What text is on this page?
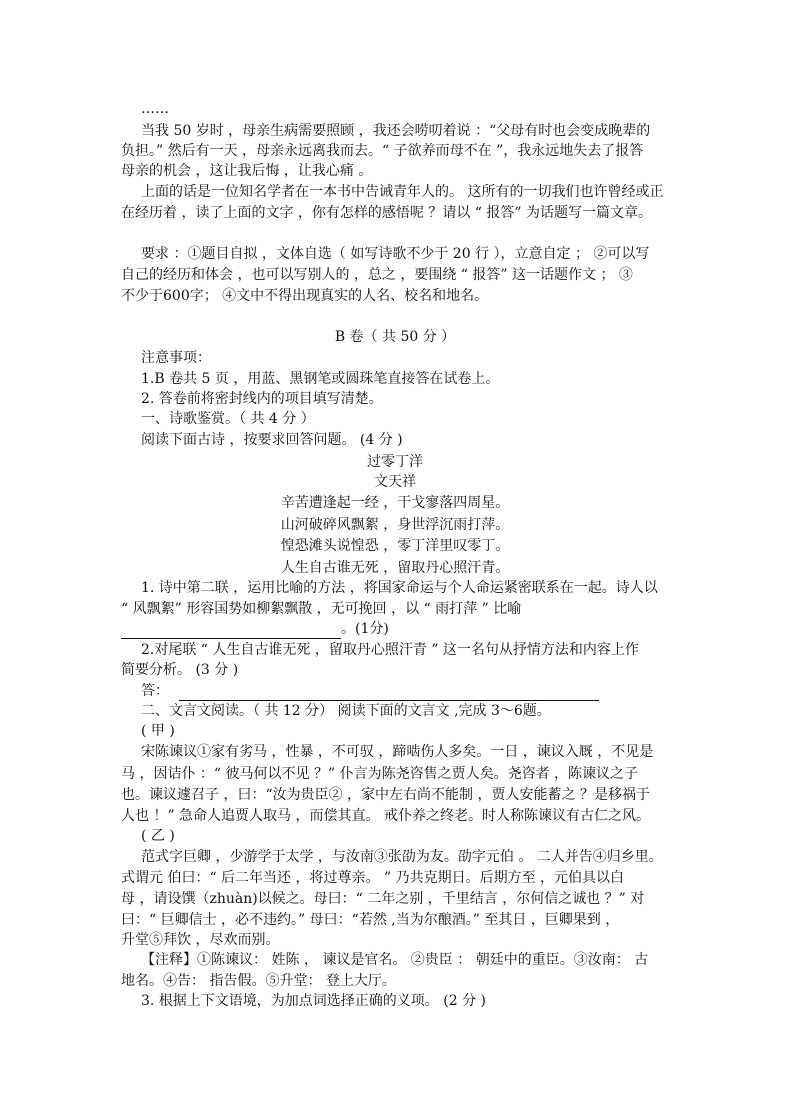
……
当我 50 岁时 ，母亲生病需要照顾 ，我还会唠叨着说 ：“父母有时也会变成晚辈的
负担。” 然后有一天 ，母亲永远离我而去。“ 子欲养而母不在 ”，我永远地失去了报答
母亲的机会 ，这让我后悔 ，让我心痛 。
上面的话是一位知名学者在一本书中告诫青年人的。 这所有的一切我们也许曾经或正
在经历着 ，读了上面的文字 ，你有怎样的感悟呢 ？请以 “ 报答” 为话题写一篇文章。
要求 ：①题目自拟 ，文体自选（ 如写诗歌不少于 20 行 ），立意自定 ； ②可以写
自己的经历和体会 ，也可以写别人的 ，总之 ，要围绕 “ 报答” 这一话题作文 ； ③
不少于600字； ④文中不得出现真实的人名、校名和地名。
B 卷（ 共 50 分 ）
注意事项：
1.B 卷共 5 页 ，用蓝、黑钢笔或圆珠笔直接答在试卷上。
2. 答卷前将密封线内的项目填写清楚。
一、诗歌鉴赏。（ 共 4 分 ）
阅读下面古诗 ，按要求回答问题。 (4 分 )
过零丁洋
文天祥
辛苦遭逢起一经 ，干戈寥落四周星。
山河破碎风飘絮 ，身世浮沉雨打萍。
惶恐滩头说惶恐 ，零丁洋里叹零丁。
人生自古谁无死 ，留取丹心照汗青。
1. 诗中第二联 ，运用比喻的方法 ，将国家命运与个人命运紧密联系在一起。诗人以
“ 风飘絮” 形容国势如柳絮飘散 ，无可挽回 ，以 “ 雨打萍 ” 比喻
。(1分)
2.对尾联 “ 人生自古谁无死 ，留取丹心照汗青 ” 这一名句从抒情方法和内容上作
简要分析。 (3 分 )
答：
二、文言文阅读。（ 共 12 分） 阅读下面的文言文 ,完成 3～6题。
( 甲 )
宋陈谏议①家有劣马 ，性暴 ，不可驭 ，蹄啮伤人多矣。一日 ，谏议入厩 ，不见是
马 ，因诘仆 ：“ 彼马何以不见 ？” 仆言为陈尧咨售之贾人矣。尧咨者 ，陈谏议之子
也。谏议遽召子 ，曰：“汝为贵臣② ，家中左右尚不能制 ，贾人安能蓄之 ？是移祸于
人也 ！” 急命人追贾人取马 ，而偿其直。 戒仆养之终老。时人称陈谏议有古仁之风。
( 乙 )
范式字巨卿 ，少游学于太学 ，与汝南③张劭为友。劭字元伯 。 二人并告④归乡里。
式谓元 伯曰：“ 后二年当还 ，将过尊亲。 ” 乃共克期日。后期方至 ，元伯具以白
母 ，请设馔（zhuàn)以候之。母曰：“ 二年之别 ，千里结言 ，尔何信之诚也 ？” 对
曰：“ 巨卿信士 ，必不违约。” 母曰：“若然 ,当为尔酿酒。” 至其日 ，巨卿果到 ，
升堂⑤拜饮 ，尽欢而别。
【注释】①陈谏议： 姓陈 ， 谏议是官名。 ②贵臣 ： 朝廷中的重臣。③汝南： 古
地名。④告： 指告假。⑤升堂： 登上大厅。
3. 根据上下文语境，为加点词选择正确的义项。 (2 分 )
